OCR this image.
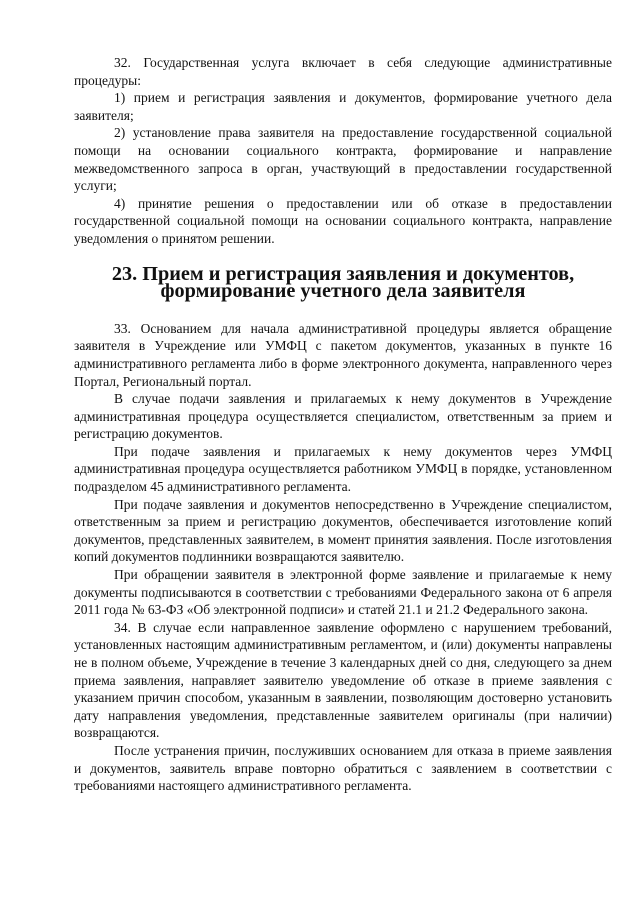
32. Государственная услуга включает в себя следующие административные процедуры:

1) прием и регистрация заявления и документов, формирование учетного дела заявителя;

2) установление права заявителя на предоставление государственной социальной помощи на основании социального контракта, формирование и направление межведомственного запроса в орган, участвующий в предоставлении государственной услуги;

4) принятие решения о предоставлении или об отказе в предоставлении государственной социальной помощи на основании социального контракта, направление уведомления о принятом решении.

23. Прием и регистрация заявления и документов, формирование учетного дела заявителя

33. Основанием для начала административной процедуры является обращение заявителя в Учреждение или УМФЦ с пакетом документов, указанных в пункте 16 административного регламента либо в форме электронного документа, направленного через Портал, Региональный портал.

В случае подачи заявления и прилагаемых к нему документов в Учреждение административная процедура осуществляется специалистом, ответственным за прием и регистрацию документов.

При подаче заявления и прилагаемых к нему документов через УМФЦ административная процедура осуществляется работником УМФЦ в порядке, установленном подразделом 45 административного регламента.

При подаче заявления и документов непосредственно в Учреждение специалистом, ответственным за прием и регистрацию документов, обеспечивается изготовление копий документов, представленных заявителем, в момент принятия заявления. После изготовления копий документов подлинники возвращаются заявителю.

При обращении заявителя в электронной форме заявление и прилагаемые к нему документы подписываются в соответствии с требованиями Федерального закона от 6 апреля 2011 года № 63-ФЗ «Об электронной подписи» и статей 21.1 и 21.2 Федерального закона.

34. В случае если направленное заявление оформлено с нарушением требований, установленных настоящим административным регламентом, и (или) документы направлены не в полном объеме, Учреждение в течение 3 календарных дней со дня, следующего за днем приема заявления, направляет заявителю уведомление об отказе в приеме заявления с указанием причин способом, указанным в заявлении, позволяющим достоверно установить дату направления уведомления, представленные заявителем оригиналы (при наличии) возвращаются.

После устранения причин, послуживших основанием для отказа в приеме заявления и документов, заявитель вправе повторно обратиться с заявлением в соответствии с требованиями настоящего административного регламента.
